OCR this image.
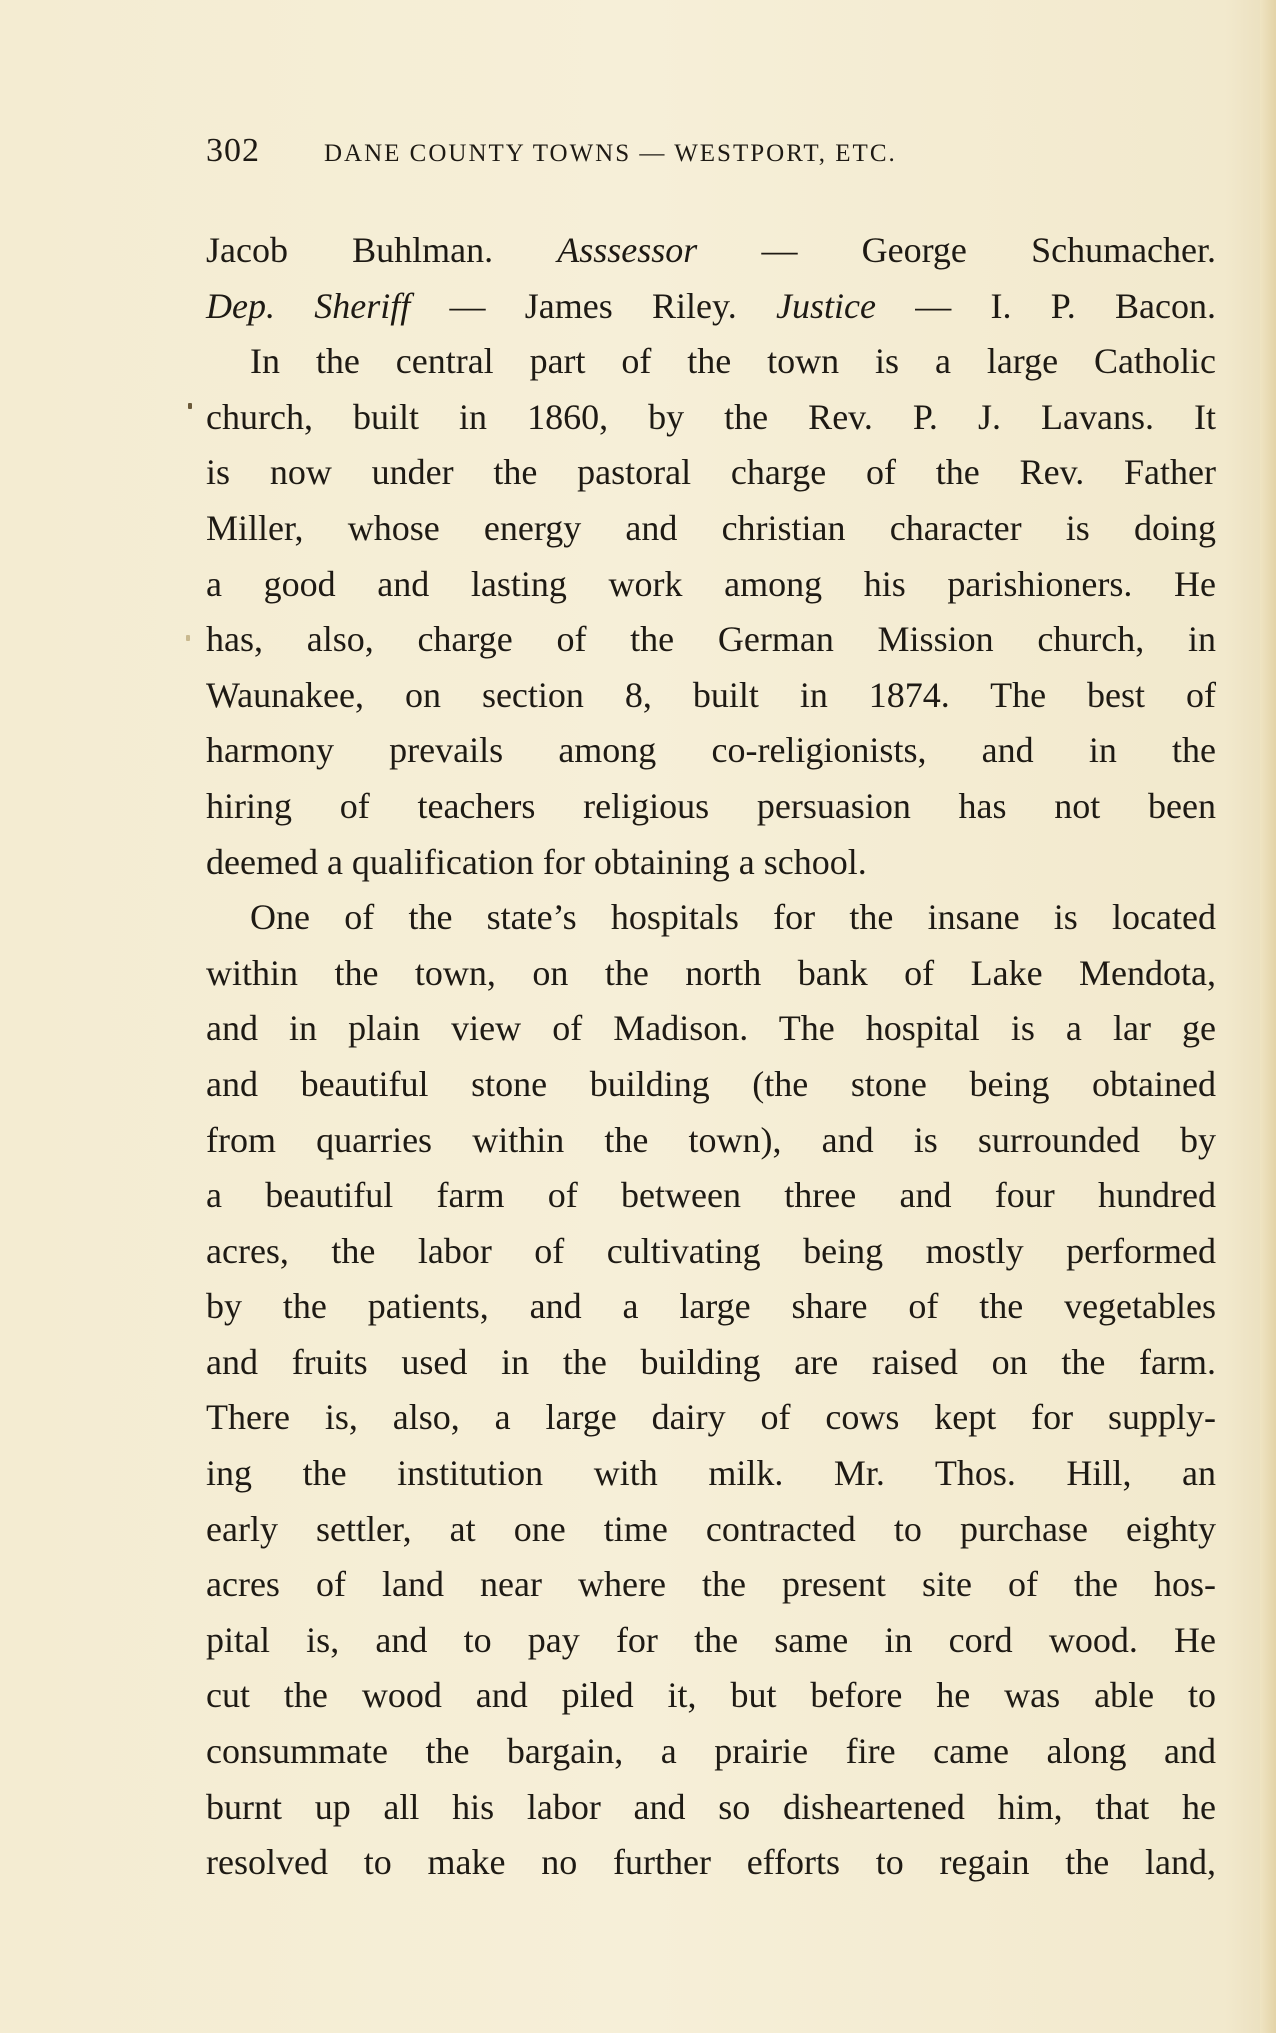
302	DANE COUNTY TOWNS — WESTPORT, ETC.
Jacob Buhlman. Asssessor — George Schumacher.
Dep. Sheriff — James Riley. Justice — I. P. Bacon.
In the central part of the town is a large Catholic
church, built in 1860, by the Rev. P. J. Lavans. It
is now under the pastoral charge of the Rev. Father
Miller, whose energy and christian character is doing
a good and lasting work among his parishioners. He
has, also, charge of the German Mission church, in
Waunakee, on section 8, built in 1874. The best of
harmony prevails among co-religionists, and in the
hiring of teachers religious persuasion has not been
deemed a qualification for obtaining a school.
One of the state’s hospitals for the insane is located
within the town, on the north bank of Lake Mendota,
and in plain view of Madison. The hospital is a lar ge
and beautiful stone building (the stone being obtained
from quarries within the town), and is surrounded by
a beautiful farm of between three and four hundred
acres, the labor of cultivating being mostly performed
by the patients, and a large share of the vegetables
and fruits used in the building are raised on the farm.
There is, also, a large dairy of cows kept for supply-
ing the institution with milk. Mr. Thos. Hill, an
early settler, at one time contracted to purchase eighty
acres of land near where the present site of the hos-
pital is, and to pay for the same in cord wood. He
cut the wood and piled it, but before he was able to
consummate the bargain, a prairie fire came along and
burnt up all his labor and so disheartened him, that he
resolved to make no further efforts to regain the land,
